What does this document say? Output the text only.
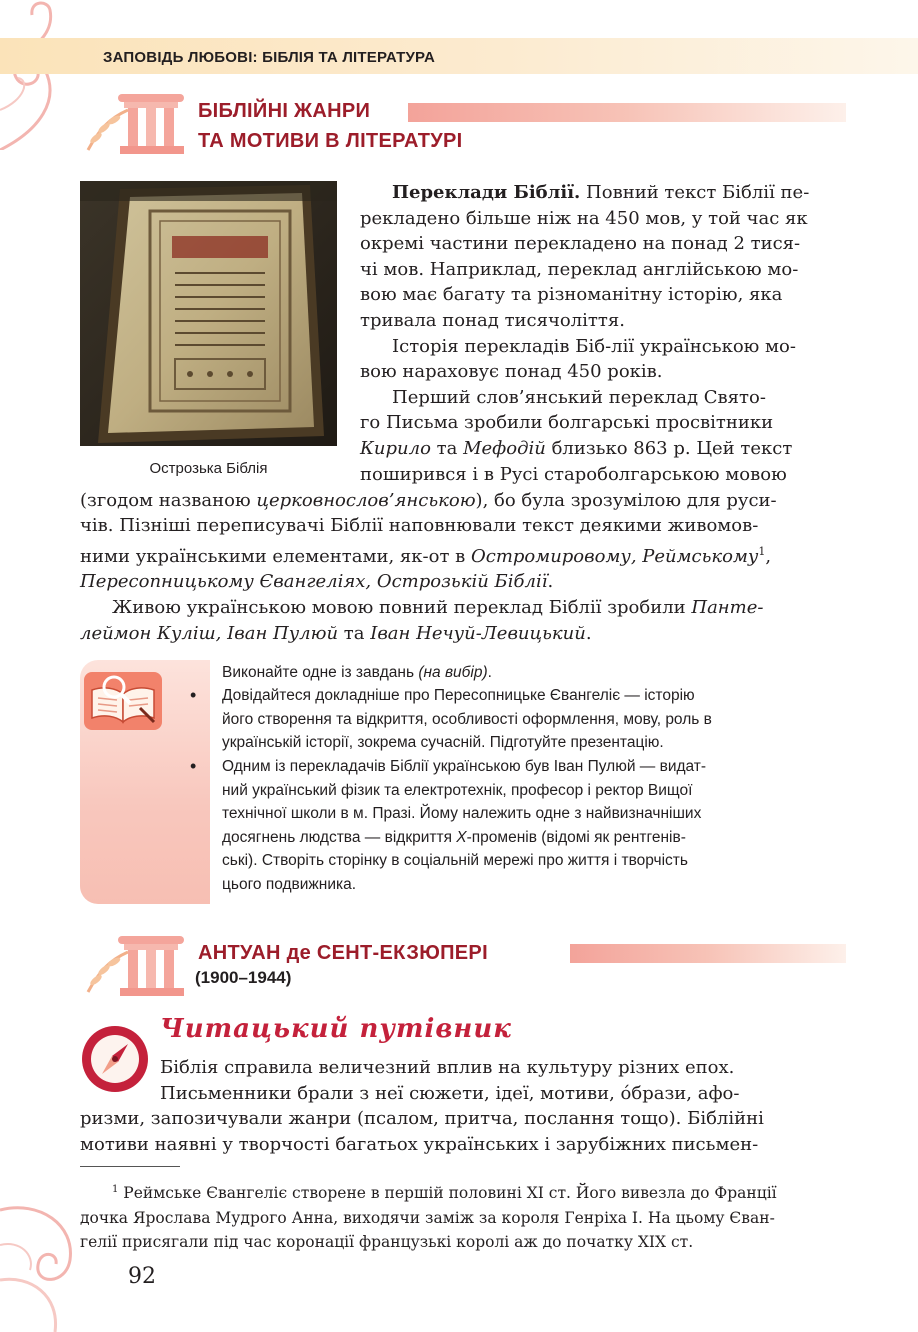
ЗАПОВІДЬ ЛЮБОВІ: БІБЛІЯ ТА ЛІТЕРАТУРА
БІБЛІЙНІ ЖАНРИ
ТА МОТИВИ В ЛІТЕРАТУРІ
Острозька Біблія
Переклади Біблії. Повний текст Біблії пе-
рекладено більше ніж на 450 мов, у той час як
окремі частини перекладено на понад 2 тися-
чі мов. Наприклад, переклад англійською мо-
вою має багату та різноманітну історію, яка
тривала понад тисячоліття.
Історія перекладів Біб-лії українською мо-
вою нараховує понад 450 років.
Перший слов’янський переклад Свято-
го Письма зробили болгарські просвітники
Кирило та Мефодій близько 863 р. Цей текст
поширився і в Русі староболгарською мовою
(згодом названою церковнослов’янською), бо була зрозумілою для руси-
чів. Пізніші переписувачі Біблії наповнювали текст деякими живомов-
ними українськими елементами, як-от в Остромировому, Реймському$^1$,
Пересопницькому Євангеліях, Острозькій Біблії.
Живою українською мовою повний переклад Біблії зробили Панте-
леймон Куліш, Іван Пулюй та Іван Нечуй-Левицький.
Виконайте одне із завдань (на вибір).
• Довідайтеся докладніше про Пересопницьке Євангеліє — історію
його створення та відкриття, особливості оформлення, мову, роль в
українській історії, зокрема сучасній. Підготуйте презентацію.
• Одним із перекладачів Біблії українською був Іван Пулюй — видат-
ний український фізик та електротехнік, професор і ректор Вищої
технічної школи в м. Празі. Йому належить одне з найвизначніших
досягнень людства — відкриття X-променів (відомі як рентгенів-
ські). Створіть сторінку в соціальній мережі про життя і творчість
цього подвижника.
АНТУАН де СЕНТ-ЕКЗЮПЕРІ
(1900–1944)
Читацький путівник
Біблія справила величезний вплив на культуру різних епох.
Письменники брали з неї сюжети, ідеї, мотиви, о́брази, афо-
ризми, запозичували жанри (псалом, притча, послання тощо). Біблійні
мотиви наявні у творчості багатьох українських і зарубіжних письмен-
$^1$ Реймське Євангеліє створене в першій половині XI ст. Його вивезла до Франції
дочка Ярослава Мудрого Анна, виходячи заміж за короля Генріха І. На цьому Єван-
гелії присягали під час коронації французькі королі аж до початку XIX ст.
92
